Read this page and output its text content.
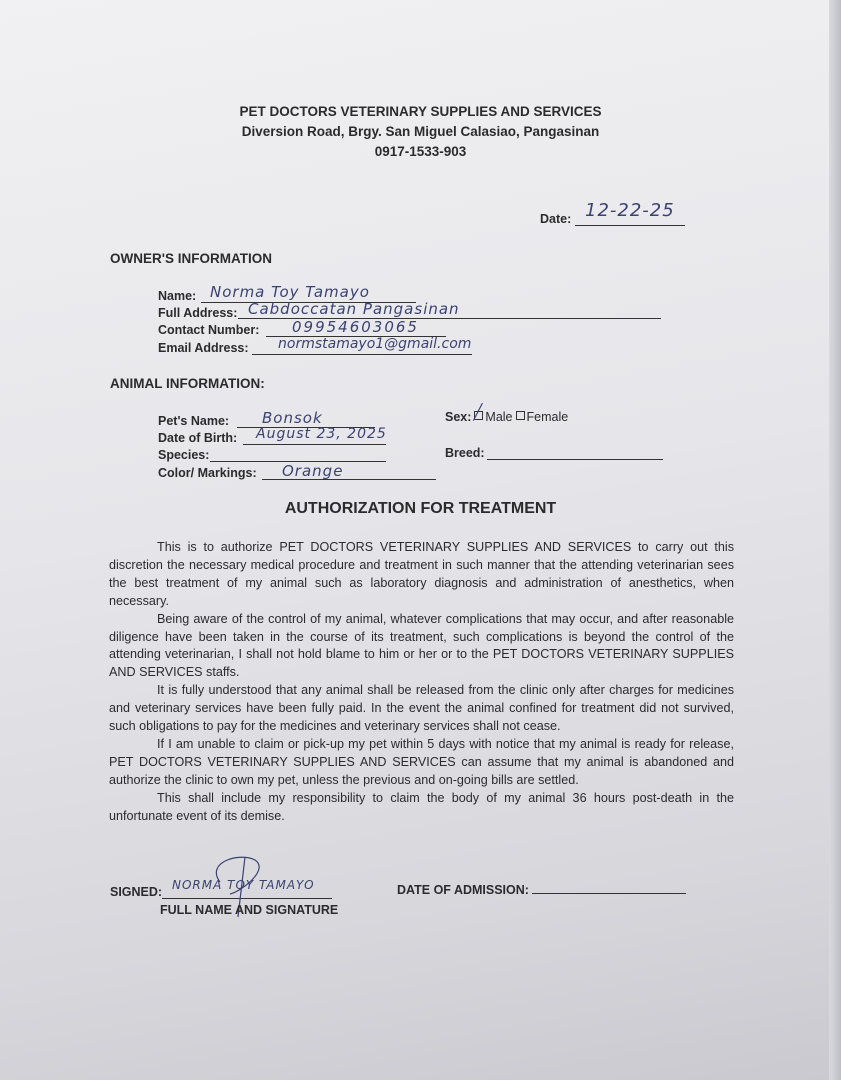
PET DOCTORS VETERINARY SUPPLIES AND SERVICES
Diversion Road, Brgy. San Miguel Calasiao, Pangasinan
0917-1533-903
Date: 12-22-25
OWNER'S INFORMATION
Name: Norma Toy Tamayo
Full Address: Cabdoccatan Pangasinan
Contact Number: 09954603065
Email Address: normstamayo1@gmail.com
ANIMAL INFORMATION:
Pet's Name: Bonsok
Date of Birth: August 23, 2025
Species:
Color/ Markings: Orange
Sex: ╱ Male Female
Breed:
AUTHORIZATION FOR TREATMENT

This is to authorize PET DOCTORS VETERINARY SUPPLIES AND SERVICES to carry out this discretion the necessary medical procedure and treatment in such manner that the attending veterinarian sees the best treatment of my animal such as laboratory diagnosis and administration of anesthetics, when necessary.

Being aware of the control of my animal, whatever complications that may occur, and after reasonable diligence have been taken in the course of its treatment, such complications is beyond the control of the attending veterinarian, I shall not hold blame to him or her or to the PET DOCTORS VETERINARY SUPPLIES AND SERVICES staffs.

It is fully understood that any animal shall be released from the clinic only after charges for medicines and veterinary services have been fully paid. In the event the animal confined for treatment did not survived, such obligations to pay for the medicines and veterinary services shall not cease.

If I am unable to claim or pick-up my pet within 5 days with notice that my animal is ready for release, PET DOCTORS VETERINARY SUPPLIES AND SERVICES can assume that my animal is abandoned and authorize the clinic to own my pet, unless the previous and on-going bills are settled.

This shall include my responsibility to claim the body of my animal 36 hours post-death in the unfortunate event of its demise.

SIGNED: NORMA TOY TAMAYO
FULL NAME AND SIGNATURE
DATE OF ADMISSION:
